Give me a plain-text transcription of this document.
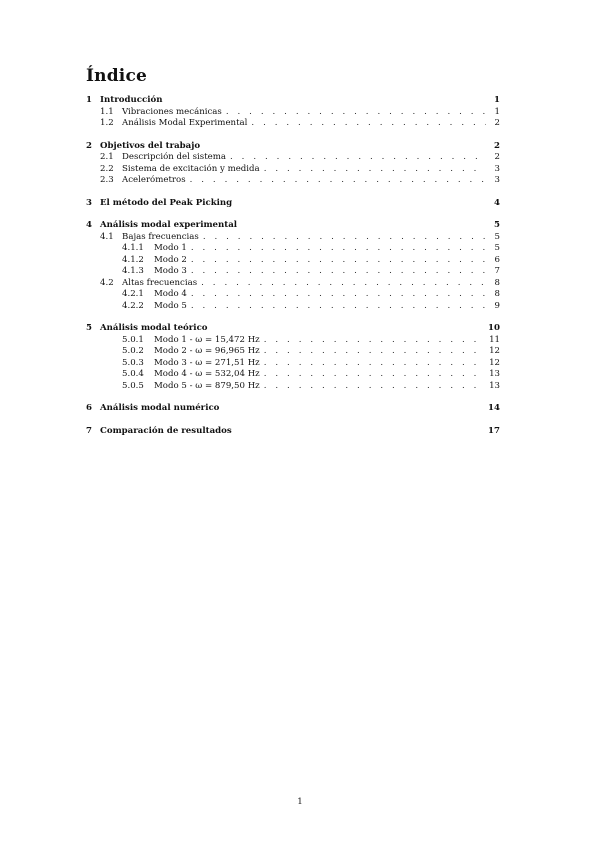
Índice
1 Introducción	1
1.1 Vibraciones mecánicas . . .	1
1.2 Análisis Modal Experimental . . .	2
2 Objetivos del trabajo	2
2.1 Descripción del sistema . . .	2
2.2 Sistema de excitación y medida . . .	3
2.3 Acelerómetros . . .	3
3 El método del Peak Picking	4
4 Análisis modal experimental	5
4.1 Bajas frecuencias . . .	5
4.1.1	Modo 1 . . .	5
4.1.2	Modo 2 . . .	6
4.1.3	Modo 3 . . .	7
4.2 Altas frecuencias . . .	8
4.2.1	Modo 4 . . .	8
4.2.2	Modo 5 . . .	9
5 Análisis modal teórico	10
5.0.1	Modo 1 - ω = 15,472 Hz . . .	11
5.0.2	Modo 2 - ω = 96,965 Hz . . .	12
5.0.3	Modo 3 - ω = 271,51 Hz . . .	12
5.0.4	Modo 4 - ω = 532,04 Hz . . .	13
5.0.5	Modo 5 - ω = 879,50 Hz . . .	13
6 Análisis modal numérico	14
7 Comparación de resultados	17
1
